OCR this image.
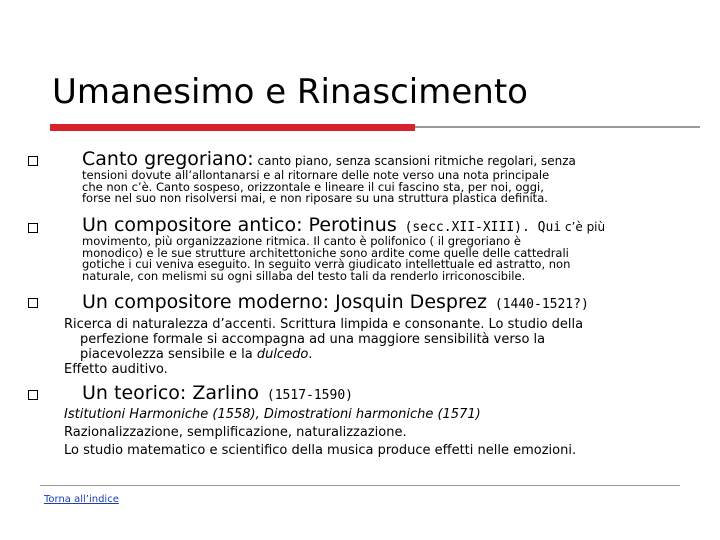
Umanesimo e Rinascimento
Canto gregoriano: canto piano, senza scansioni ritmiche regolari, senza
tensioni dovute all’allontanarsi e al ritornare delle note verso una nota principale
che non c’è. Canto sospeso, orizzontale e lineare il cui fascino sta, per noi, oggi,
forse nel suo non risolversi mai, e non riposare su una struttura plastica definita.
Un compositore antico: Perotinus (secc.XII-XIII). Qui c’è più
movimento, più organizzazione ritmica. Il canto è polifonico ( il gregoriano è
monodico) e le sue strutture architettoniche sono ardite come quelle delle cattedrali
gotiche i cui veniva eseguito. In seguito verrà giudicato intellettuale ed astratto, non
naturale, con melismi su ogni sillaba del testo tali da renderlo irriconoscibile.
Un compositore moderno: Josquin Desprez (1440-1521?)
Ricerca di naturalezza d’accenti. Scrittura limpida e consonante. Lo studio della
perfezione formale si accompagna ad una maggiore sensibilità verso la
piacevolezza sensibile e la dulcedo.
Effetto auditivo.
Un teorico: Zarlino (1517-1590)
Istitutioni Harmoniche (1558), Dimostrationi harmoniche (1571)
Razionalizzazione, semplificazione, naturalizzazione.
Lo studio matematico e scientifico della musica produce effetti nelle emozioni.
Torna all’indice
